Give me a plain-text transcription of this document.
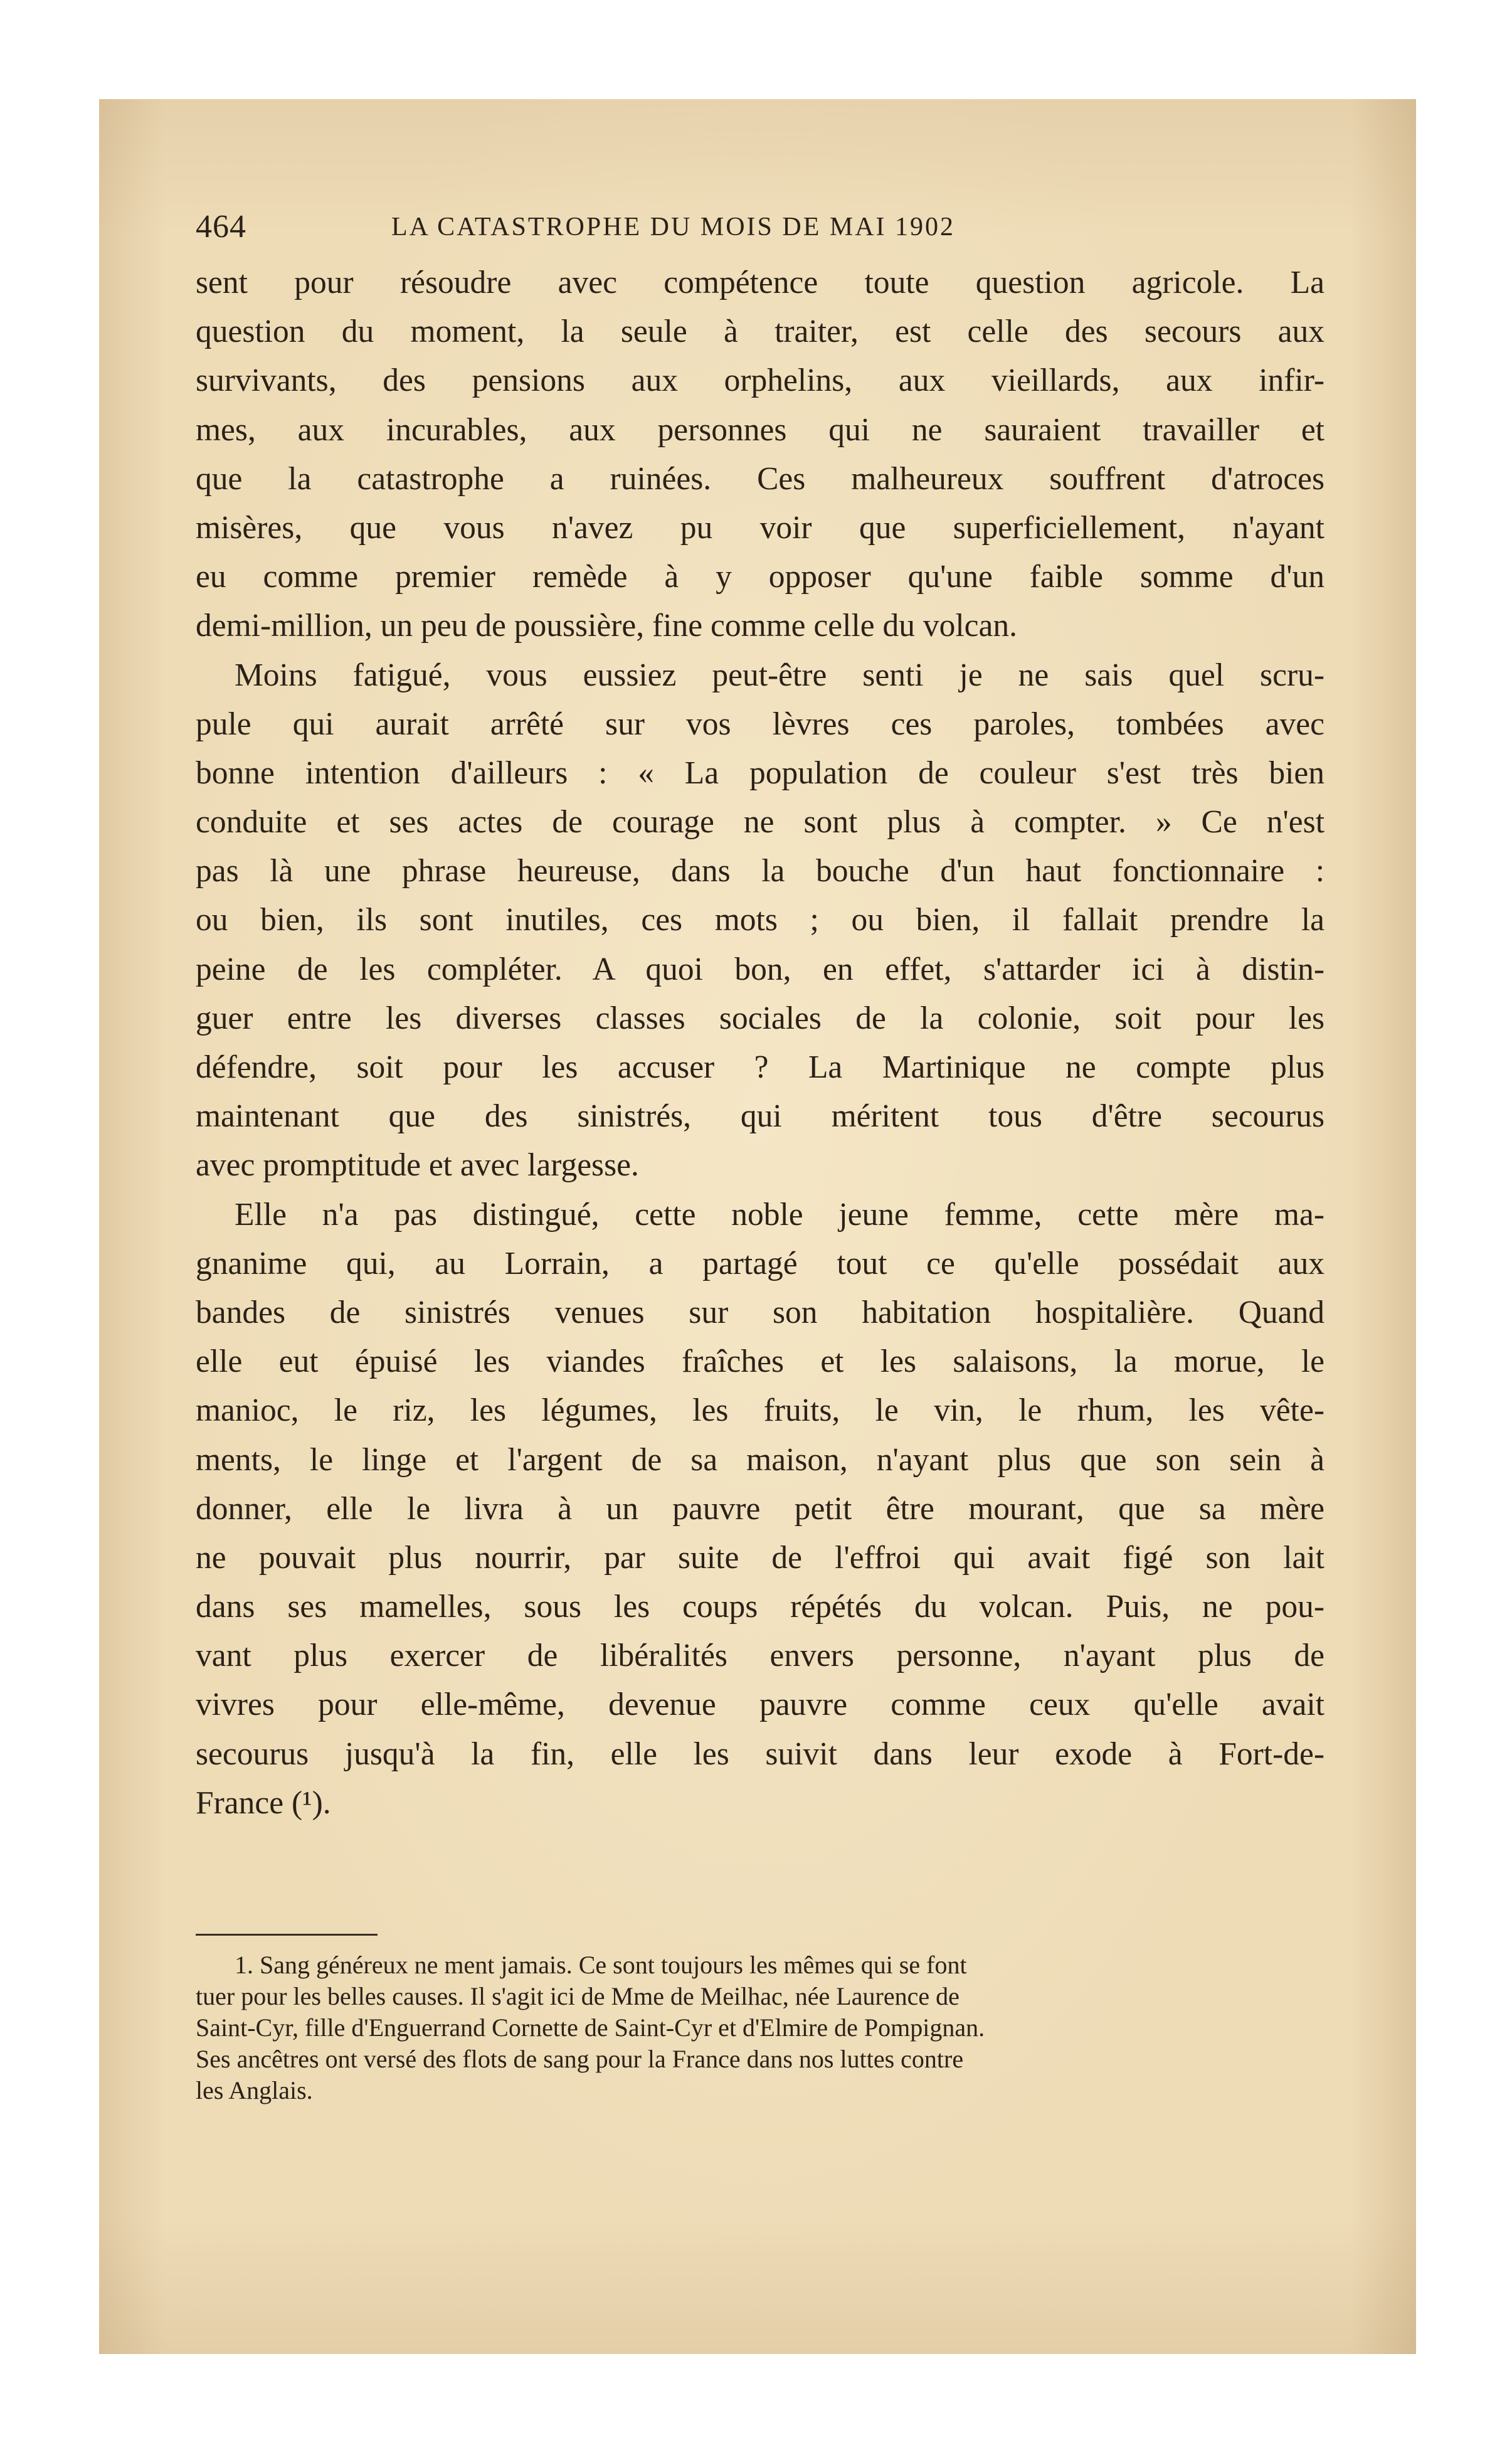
464	LA CATASTROPHE DU MOIS DE MAI 1902
sent pour résoudre avec compétence toute question agricole. La
question du moment, la seule à traiter, est celle des secours aux
survivants, des pensions aux orphelins, aux vieillards, aux infir-
mes, aux incurables, aux personnes qui ne sauraient travailler et
que la catastrophe a ruinées. Ces malheureux souffrent d'atroces
misères, que vous n'avez pu voir que superficiellement, n'ayant
eu comme premier remède à y opposer qu'une faible somme d'un
demi-million, un peu de poussière, fine comme celle du volcan.
Moins fatigué, vous eussiez peut-être senti je ne sais quel scru-
pule qui aurait arrêté sur vos lèvres ces paroles, tombées avec
bonne intention d'ailleurs : « La population de couleur s'est très bien
conduite et ses actes de courage ne sont plus à compter. » Ce n'est
pas là une phrase heureuse, dans la bouche d'un haut fonctionnaire :
ou bien, ils sont inutiles, ces mots ; ou bien, il fallait prendre la
peine de les compléter. A quoi bon, en effet, s'attarder ici à distin-
guer entre les diverses classes sociales de la colonie, soit pour les
défendre, soit pour les accuser ? La Martinique ne compte plus
maintenant que des sinistrés, qui méritent tous d'être secourus
avec promptitude et avec largesse.
Elle n'a pas distingué, cette noble jeune femme, cette mère ma-
gnanime qui, au Lorrain, a partagé tout ce qu'elle possédait aux
bandes de sinistrés venues sur son habitation hospitalière. Quand
elle eut épuisé les viandes fraîches et les salaisons, la morue, le
manioc, le riz, les légumes, les fruits, le vin, le rhum, les vête-
ments, le linge et l'argent de sa maison, n'ayant plus que son sein à
donner, elle le livra à un pauvre petit être mourant, que sa mère
ne pouvait plus nourrir, par suite de l'effroi qui avait figé son lait
dans ses mamelles, sous les coups répétés du volcan. Puis, ne pou-
vant plus exercer de libéralités envers personne, n'ayant plus de
vivres pour elle-même, devenue pauvre comme ceux qu'elle avait
secourus jusqu'à la fin, elle les suivit dans leur exode à Fort-de-
France (¹).
1. Sang généreux ne ment jamais. Ce sont toujours les mêmes qui se font
tuer pour les belles causes. Il s'agit ici de Mme de Meilhac, née Laurence de
Saint-Cyr, fille d'Enguerrand Cornette de Saint-Cyr et d'Elmire de Pompignan.
Ses ancêtres ont versé des flots de sang pour la France dans nos luttes contre
les Anglais.
